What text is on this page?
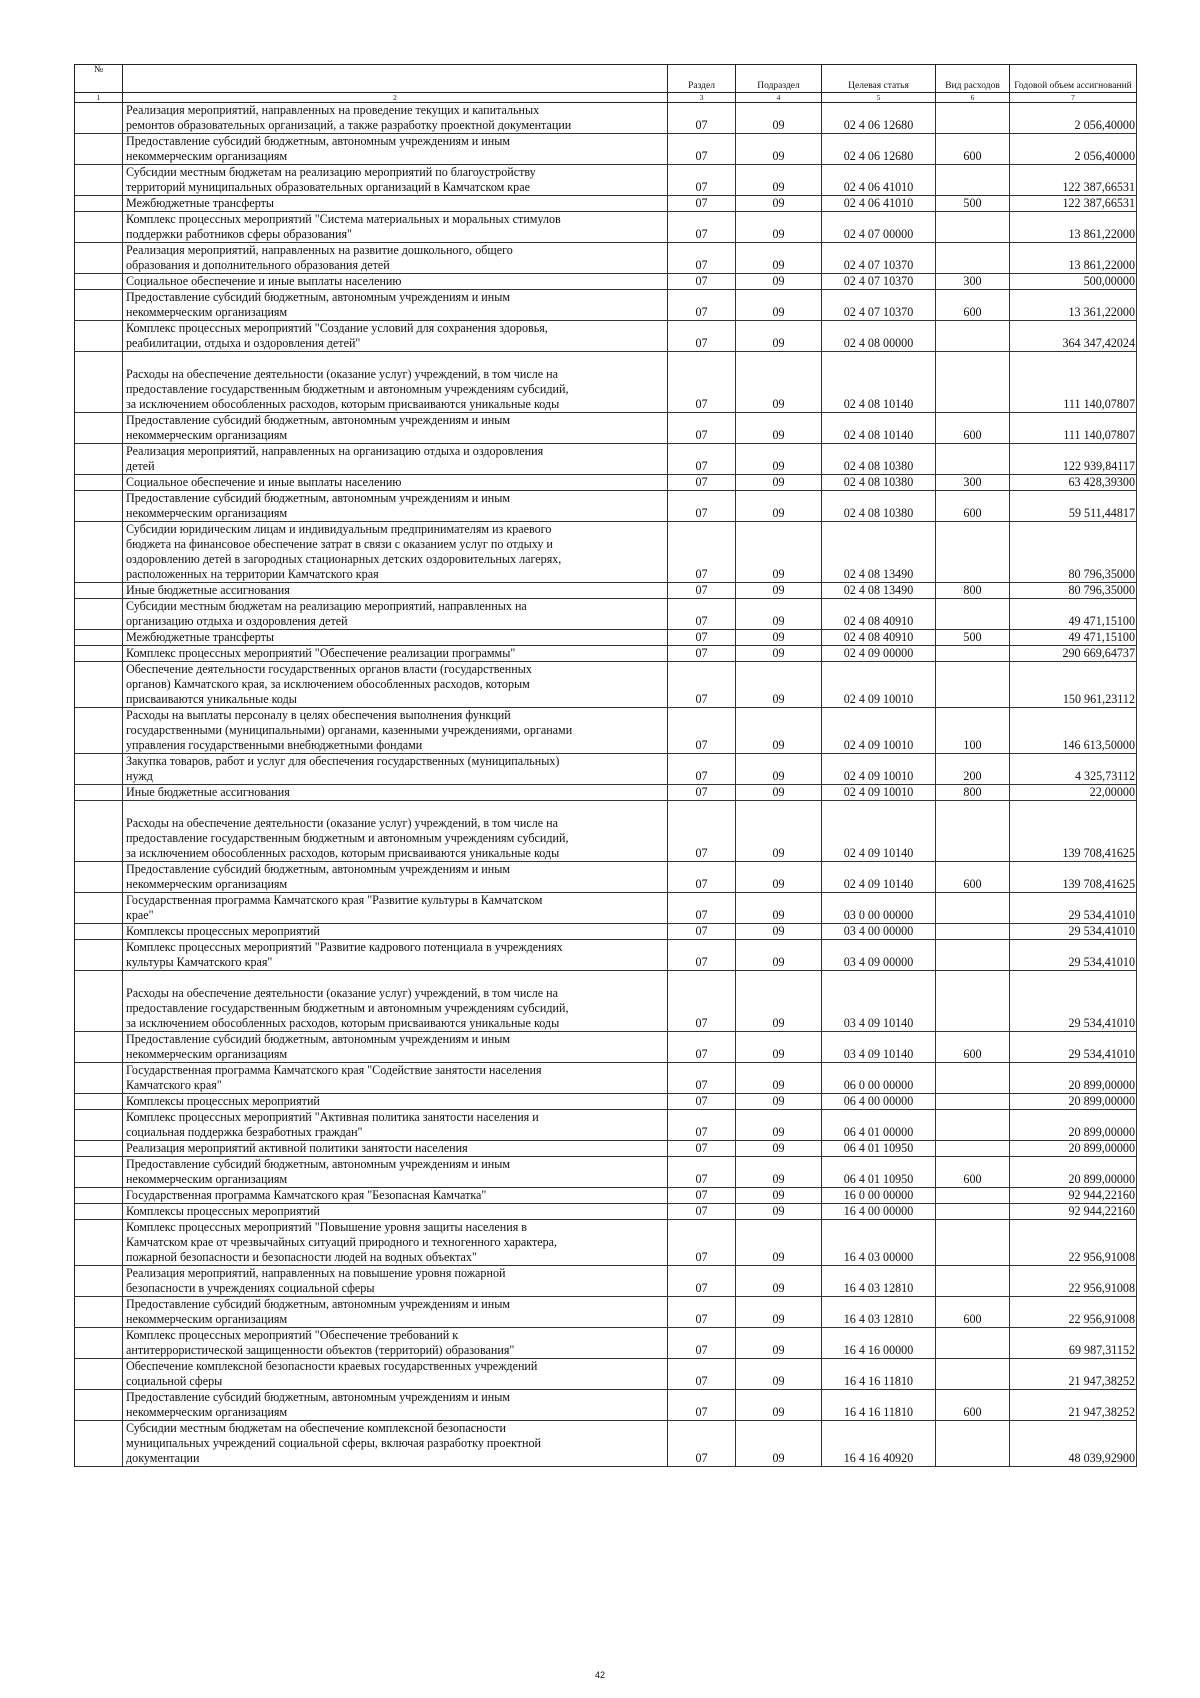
№		Раздел	Подраздел	Целевая статья	Вид расходов	Годовой объем ассигнований
1	2	3	4	5	6	7
	Реализация мероприятий, направленных на проведение текущих и капитальных
ремонтов образовательных организаций, а также разработку проектной документации	07	09	02 4 06 12680		2 056,40000
	Предоставление субсидий бюджетным, автономным учреждениям и иным
некоммерческим организациям	07	09	02 4 06 12680	600	2 056,40000
	Субсидии местным бюджетам на реализацию мероприятий по благоустройству
территорий муниципальных образовательных организаций в Камчатском крае	07	09	02 4 06 41010		122 387,66531
	Межбюджетные трансферты	07	09	02 4 06 41010	500	122 387,66531
	Комплекс процессных мероприятий "Система материальных и моральных стимулов
поддержки работников сферы образования"	07	09	02 4 07 00000		13 861,22000
	Реализация мероприятий, направленных на развитие дошкольного, общего
образования и дополнительного образования детей	07	09	02 4 07 10370		13 861,22000
	Социальное обеспечение и иные выплаты населению	07	09	02 4 07 10370	300	500,00000
	Предоставление субсидий бюджетным, автономным учреждениям и иным
некоммерческим организациям	07	09	02 4 07 10370	600	13 361,22000
	Комплекс процессных мероприятий "Создание условий для сохранения здоровья,
реабилитации, отдыха и оздоровления детей"	07	09	02 4 08 00000		364 347,42024

Расходы на обеспечение деятельности (оказание услуг) учреждений, в том числе на
предоставление государственным бюджетным и автономным учреждениям субсидий,
за исключением обособленных расходов, которым присваиваются уникальные коды	07	09	02 4 08 10140		111 140,07807
	Предоставление субсидий бюджетным, автономным учреждениям и иным
некоммерческим организациям	07	09	02 4 08 10140	600	111 140,07807
	Реализация мероприятий, направленных на организацию отдыха и оздоровления
детей	07	09	02 4 08 10380		122 939,84117
	Социальное обеспечение и иные выплаты населению	07	09	02 4 08 10380	300	63 428,39300
	Предоставление субсидий бюджетным, автономным учреждениям и иным
некоммерческим организациям	07	09	02 4 08 10380	600	59 511,44817
	Субсидии юридическим лицам и индивидуальным предпринимателям из краевого
бюджета на финансовое обеспечение затрат в связи с оказанием услуг по отдыху и
оздоровлению детей в загородных стационарных детских оздоровительных лагерях,
расположенных на территории Камчатского края	07	09	02 4 08 13490		80 796,35000
	Иные бюджетные ассигнования	07	09	02 4 08 13490	800	80 796,35000
	Субсидии местным бюджетам на реализацию мероприятий, направленных на
организацию отдыха и оздоровления детей	07	09	02 4 08 40910		49 471,15100
	Межбюджетные трансферты	07	09	02 4 08 40910	500	49 471,15100
	Комплекс процессных мероприятий "Обеспечение реализации программы"	07	09	02 4 09 00000		290 669,64737
	Обеспечение деятельности государственных органов власти (государственных
органов) Камчатского края, за исключением обособленных расходов, которым
присваиваются уникальные коды	07	09	02 4 09 10010		150 961,23112
	Расходы на выплаты персоналу в целях обеспечения выполнения функций
государственными (муниципальными) органами, казенными учреждениями, органами
управления государственными внебюджетными фондами	07	09	02 4 09 10010	100	146 613,50000
	Закупка товаров, работ и услуг для обеспечения государственных (муниципальных)
нужд	07	09	02 4 09 10010	200	4 325,73112
	Иные бюджетные ассигнования	07	09	02 4 09 10010	800	22,00000

Расходы на обеспечение деятельности (оказание услуг) учреждений, в том числе на
предоставление государственным бюджетным и автономным учреждениям субсидий,
за исключением обособленных расходов, которым присваиваются уникальные коды	07	09	02 4 09 10140		139 708,41625
	Предоставление субсидий бюджетным, автономным учреждениям и иным
некоммерческим организациям	07	09	02 4 09 10140	600	139 708,41625
	Государственная программа Камчатского края "Развитие культуры в Камчатском
крае"	07	09	03 0 00 00000		29 534,41010
	Комплексы процессных мероприятий	07	09	03 4 00 00000		29 534,41010
	Комплекс процессных мероприятий "Развитие кадрового потенциала в учреждениях
культуры Камчатского края"	07	09	03 4 09 00000		29 534,41010

Расходы на обеспечение деятельности (оказание услуг) учреждений, в том числе на
предоставление государственным бюджетным и автономным учреждениям субсидий,
за исключением обособленных расходов, которым присваиваются уникальные коды	07	09	03 4 09 10140		29 534,41010
	Предоставление субсидий бюджетным, автономным учреждениям и иным
некоммерческим организациям	07	09	03 4 09 10140	600	29 534,41010
	Государственная программа Камчатского края "Содействие занятости населения
Камчатского края"	07	09	06 0 00 00000		20 899,00000
	Комплексы процессных мероприятий	07	09	06 4 00 00000		20 899,00000
	Комплекс процессных мероприятий "Активная политика занятости населения и
социальная поддержка безработных граждан"	07	09	06 4 01 00000		20 899,00000
	Реализация мероприятий активной политики занятости населения	07	09	06 4 01 10950		20 899,00000
	Предоставление субсидий бюджетным, автономным учреждениям и иным
некоммерческим организациям	07	09	06 4 01 10950	600	20 899,00000
	Государственная программа Камчатского края "Безопасная Камчатка"	07	09	16 0 00 00000		92 944,22160
	Комплексы процессных мероприятий	07	09	16 4 00 00000		92 944,22160
	Комплекс процессных мероприятий "Повышение уровня защиты населения в
Камчатском крае от чрезвычайных ситуаций природного и техногенного характера,
пожарной безопасности и безопасности людей на водных объектах"	07	09	16 4 03 00000		22 956,91008
	Реализация мероприятий, направленных на повышение уровня пожарной
безопасности в учреждениях социальной сферы	07	09	16 4 03 12810		22 956,91008
	Предоставление субсидий бюджетным, автономным учреждениям и иным
некоммерческим организациям	07	09	16 4 03 12810	600	22 956,91008
	Комплекс процессных мероприятий "Обеспечение требований к
антитеррористической защищенности объектов (территорий) образования"	07	09	16 4 16 00000		69 987,31152
	Обеспечение комплексной безопасности краевых государственных учреждений
социальной сферы	07	09	16 4 16 11810		21 947,38252
	Предоставление субсидий бюджетным, автономным учреждениям и иным
некоммерческим организациям	07	09	16 4 16 11810	600	21 947,38252
	Субсидии местным бюджетам на обеспечение комплексной безопасности
муниципальных учреждений социальной сферы, включая разработку проектной
документации	07	09	16 4 16 40920		48 039,92900
42
